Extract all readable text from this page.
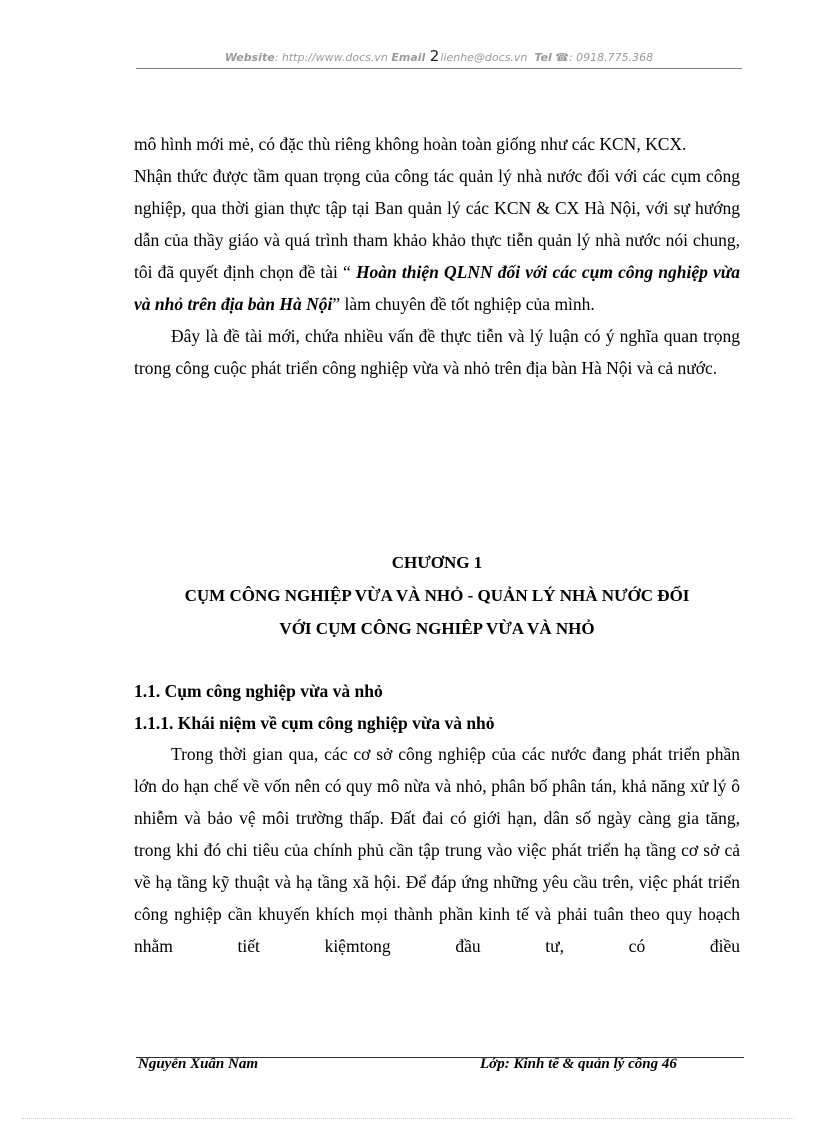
Website: http://www.docs.vn Email 2lienhe@docs.vn Tel ☎: 0918.775.368

mô hình mới mẻ, có đặc thù riêng không hoàn toàn giống như các KCN, KCX.

Nhận thức được tầm quan trọng của công tác quản lý nhà nước đối với các cụm công nghiệp, qua thời gian thực tập tại Ban quản lý các KCN & CX Hà Nội, với sự hướng dẫn của thầy giáo và quá trình tham khảo khảo thực tiễn quản lý nhà nước nói chung, tôi đã quyết định chọn đề tài “ Hoàn thiện QLNN đối với các cụm công nghiệp vừa và nhỏ trên địa bàn Hà Nội” làm chuyên đề tốt nghiệp của mình.

Đây là đề tài mới, chứa nhiều vấn đề thực tiễn và lý luận có ý nghĩa quan trọng trong công cuộc phát triển công nghiệp vừa và nhỏ trên địa bàn Hà Nội và cả nước.

CHƯƠNG 1
CỤM CÔNG NGHIỆP VỪA VÀ NHỎ - QUẢN LÝ NHÀ NƯỚC ĐỐI
VỚI CỤM CÔNG NGHIÊP VỪA VÀ NHỎ
1.1. Cụm công nghiệp vừa và nhỏ
1.1.1. Khái niệm về cụm công nghiệp vừa và nhỏ

Trong thời gian qua, các cơ sở công nghiệp của các nước đang phát triển phần lớn do hạn chế về vốn nên có quy mô nừa và nhỏ, phân bố phân tán, khả năng xử lý ô nhiễm và bảo vệ môi trường thấp. Đất đai có giới hạn, dân số ngày càng gia tăng, trong khi đó chi tiêu của chính phủ cần tập trung vào việc phát triển hạ tầng cơ sở cả về hạ tầng kỹ thuật và hạ tầng xã hội. Để đáp ứng những yêu cầu trên, việc phát triển công nghiệp cần khuyến khích mọi thành phần kinh tế và phải tuân theo quy hoạch nhằm tiết kiệmtong đầu tư, có điều

Nguyễn Xuân Nam	Lớp: Kinh tế & quản lý công 46
